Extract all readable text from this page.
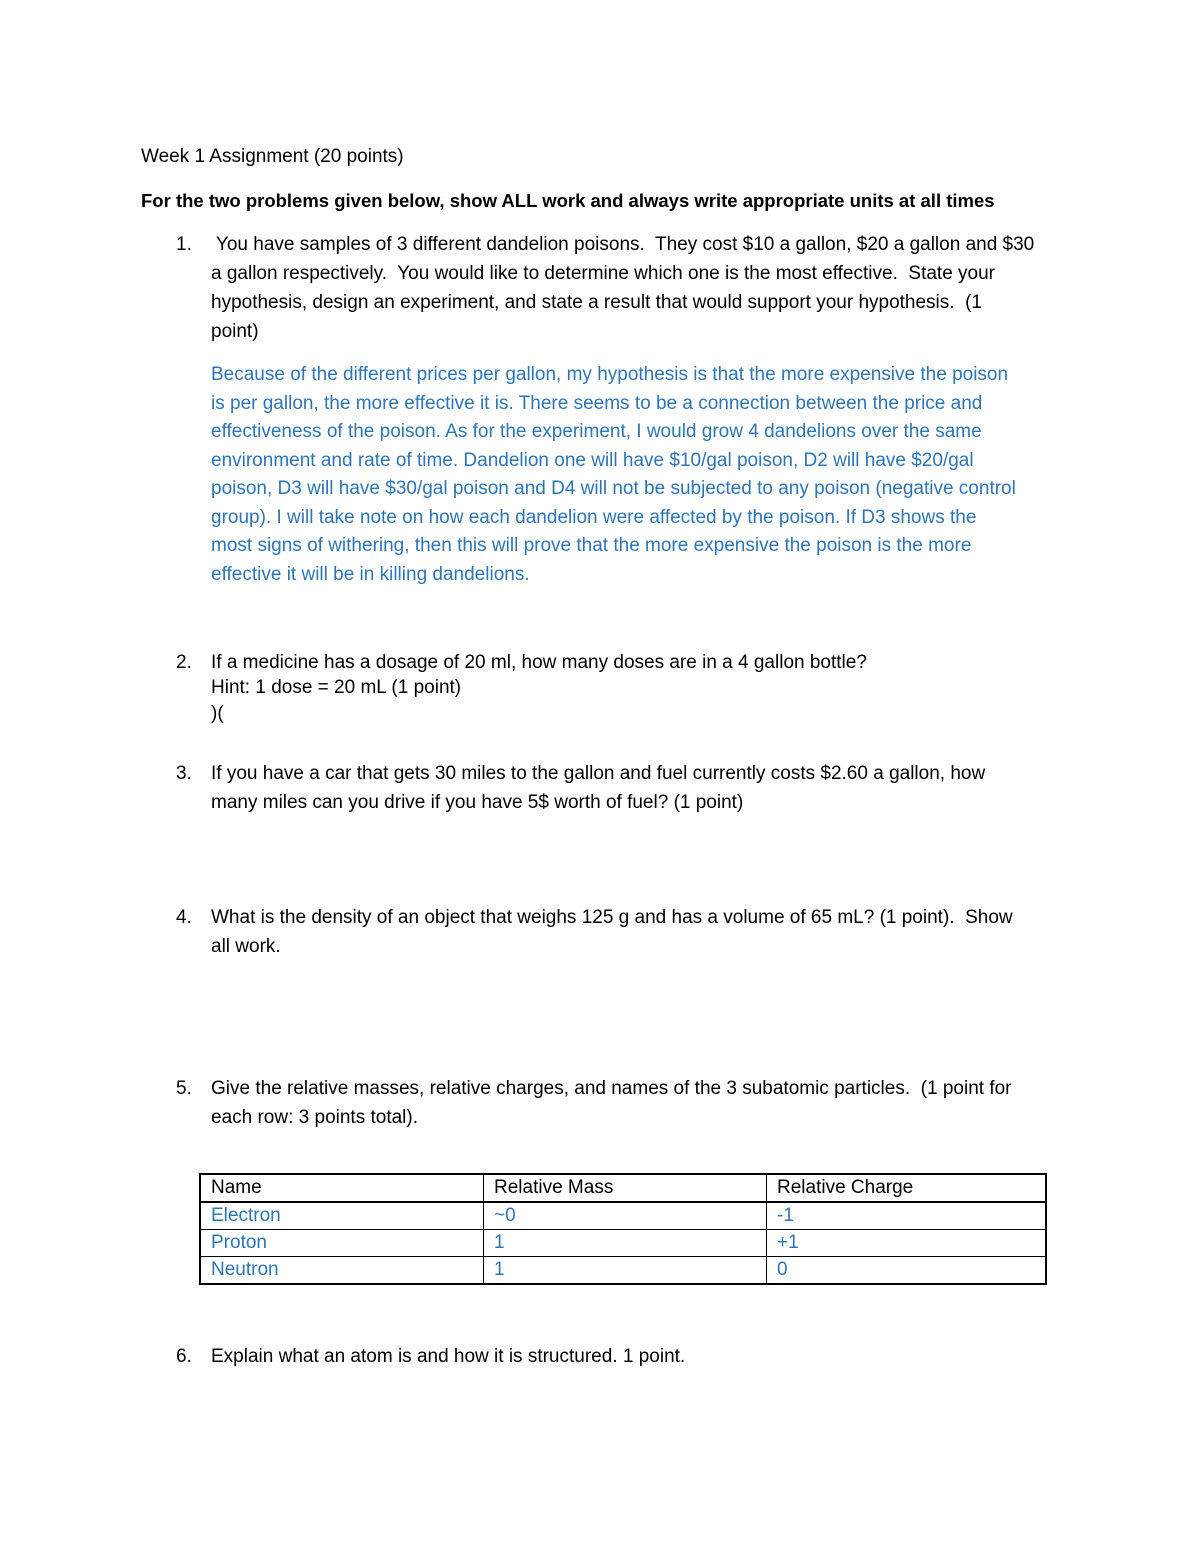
Week 1 Assignment (20 points)
For the two problems given below, show ALL work and always write appropriate units at all times
1. You have samples of 3 different dandelion poisons.  They cost $10 a gallon, $20 a gallon and $30
a gallon respectively.  You would like to determine which one is the most effective.  State your
hypothesis, design an experiment, and state a result that would support your hypothesis.  (1
point)
Because of the different prices per gallon, my hypothesis is that the more expensive the poison
is per gallon, the more effective it is. There seems to be a connection between the price and
effectiveness of the poison. As for the experiment, I would grow 4 dandelions over the same
environment and rate of time. Dandelion one will have $10/gal poison, D2 will have $20/gal
poison, D3 will have $30/gal poison and D4 will not be subjected to any poison (negative control
group). I will take note on how each dandelion were affected by the poison. If D3 shows the
most signs of withering, then this will prove that the more expensive the poison is the more
effective it will be in killing dandelions.
2. If a medicine has a dosage of 20 ml, how many doses are in a 4 gallon bottle?
Hint: 1 dose = 20 mL (1 point)
)(
3. If you have a car that gets 30 miles to the gallon and fuel currently costs $2.60 a gallon, how
many miles can you drive if you have 5$ worth of fuel? (1 point)
4. What is the density of an object that weighs 125 g and has a volume of 65 mL? (1 point).  Show
all work.
5. Give the relative masses, relative charges, and names of the 3 subatomic particles.  (1 point for
each row: 3 points total).
Name	Relative Mass	Relative Charge
Electron	~0	-1
Proton	1	+1
Neutron	1	0
6. Explain what an atom is and how it is structured. 1 point.
